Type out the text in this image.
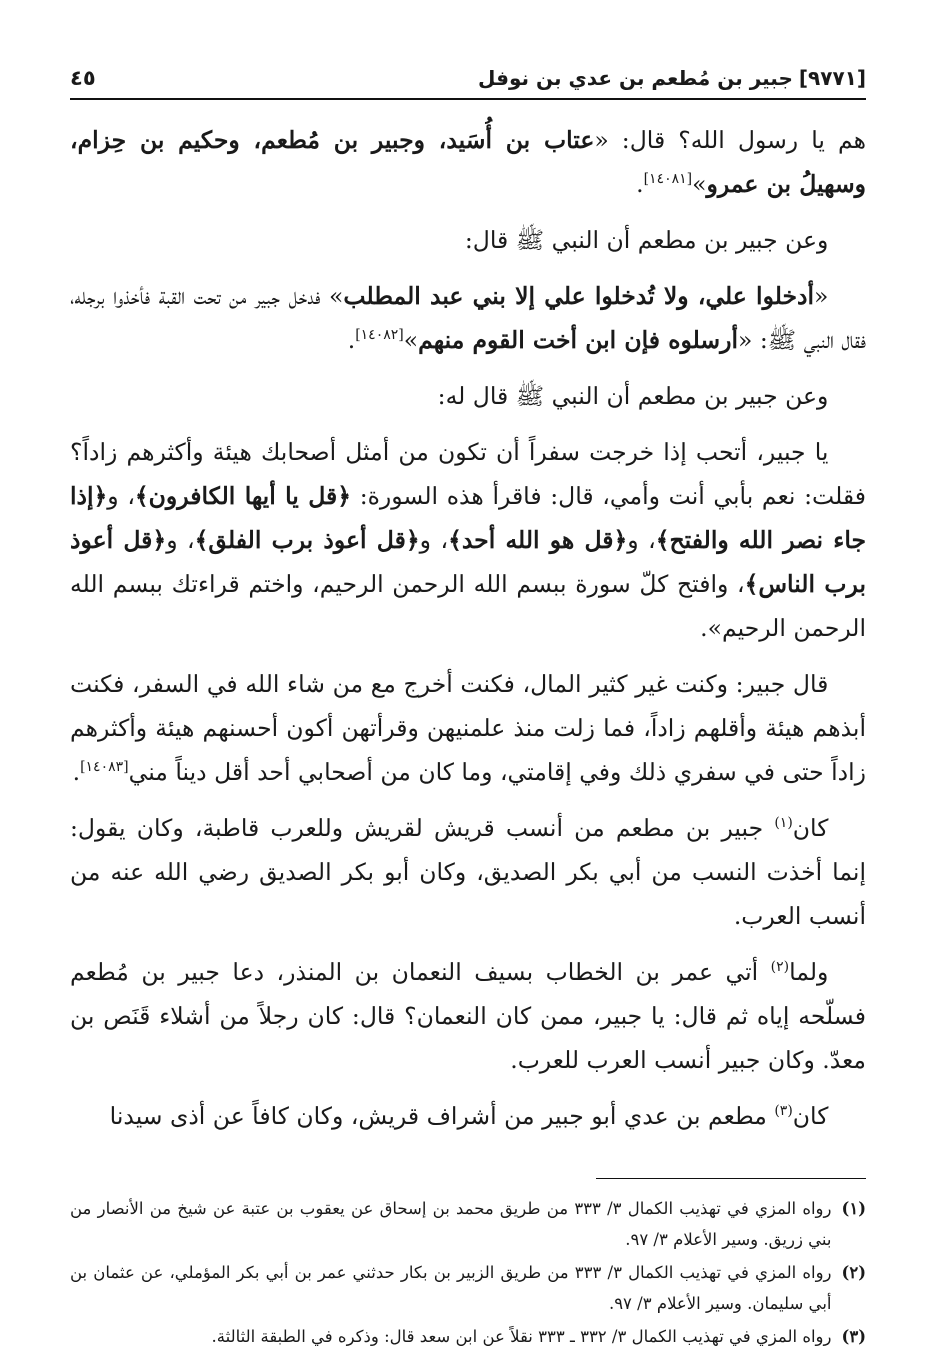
[٩٧٧١]
جبير بن مُطعم بن عدي بن نوفل
٤٥

هم يا رسول الله؟ قال: «عتاب بن أُسَيد، وجبير بن مُطعم، وحكيم بن حِزام، وسهيلُ بن عمرو»[١٤٠٨١].

وعن جبير بن مطعم أن النبي ﷺ قال:

«أدخلوا علي، ولا تُدخلوا علي إلا بني عبد المطلب» فدخل جبير من تحت القبة فأخذوا برجله، فقال النبي ﷺ: «أرسلوه فإن ابن أخت القوم منهم»[١٤٠٨٢].

وعن جبير بن مطعم أن النبي ﷺ قال له:

يا جبير، أتحب إذا خرجت سفراً أن تكون من أمثل أصحابك هيئة وأكثرهم زاداً؟ فقلت: نعم بأبي أنت وأمي، قال: فاقرأ هذه السورة: ﴿قل يا أيها الكافرون﴾، و﴿إذا جاء نصر الله والفتح﴾، و﴿قل هو الله أحد﴾، و﴿قل أعوذ برب الفلق﴾، و﴿قل أعوذ برب الناس﴾، وافتح كلّ سورة ببسم الله الرحمن الرحيم، واختم قراءتك ببسم الله الرحمن الرحيم».

قال جبير: وكنت غير كثير المال، فكنت أخرج مع من شاء الله في السفر، فكنت أبذهم هيئة وأقلهم زاداً، فما زلت منذ علمنيهن وقرأتهن أكون أحسنهم هيئة وأكثرهم زاداً حتى في سفري ذلك وفي إقامتي، وما كان من أصحابي أحد أقل ديناً مني[١٤٠٨٣].

كان$^{(١)}$ جبير بن مطعم من أنسب قريش لقريش وللعرب قاطبة، وكان يقول: إنما أخذت النسب من أبي بكر الصديق، وكان أبو بكر الصديق رضي الله عنه من أنسب العرب.

ولما$^{(٢)}$ أتي عمر بن الخطاب بسيف النعمان بن المنذر، دعا جبير بن مُطعم فسلّحه إياه ثم قال: يا جبير، ممن كان النعمان؟ قال: كان رجلاً من أشلاء قَنَص بن معدّ. وكان جبير أنسب العرب للعرب.

كان$^{(٣)}$ مطعم بن عدي أبو جبير من أشراف قريش، وكان كافاً عن أذى سيدنا

(١)
رواه المزي في تهذيب الكمال ٣/ ٣٣٣ من طريق محمد بن إسحاق عن يعقوب بن عتبة عن شيخ من الأنصار من بني زريق. وسير الأعلام ٣/ ٩٧.
(٢)
رواه المزي في تهذيب الكمال ٣/ ٣٣٣ من طريق الزبير بن بكار حدثني عمر بن أبي بكر المؤملي، عن عثمان بن أبي سليمان. وسير الأعلام ٣/ ٩٧.
(٣)
رواه المزي في تهذيب الكمال ٣/ ٣٣٢ ـ ٣٣٣ نقلاً عن ابن سعد قال: وذكره في الطبقة الثالثة.
